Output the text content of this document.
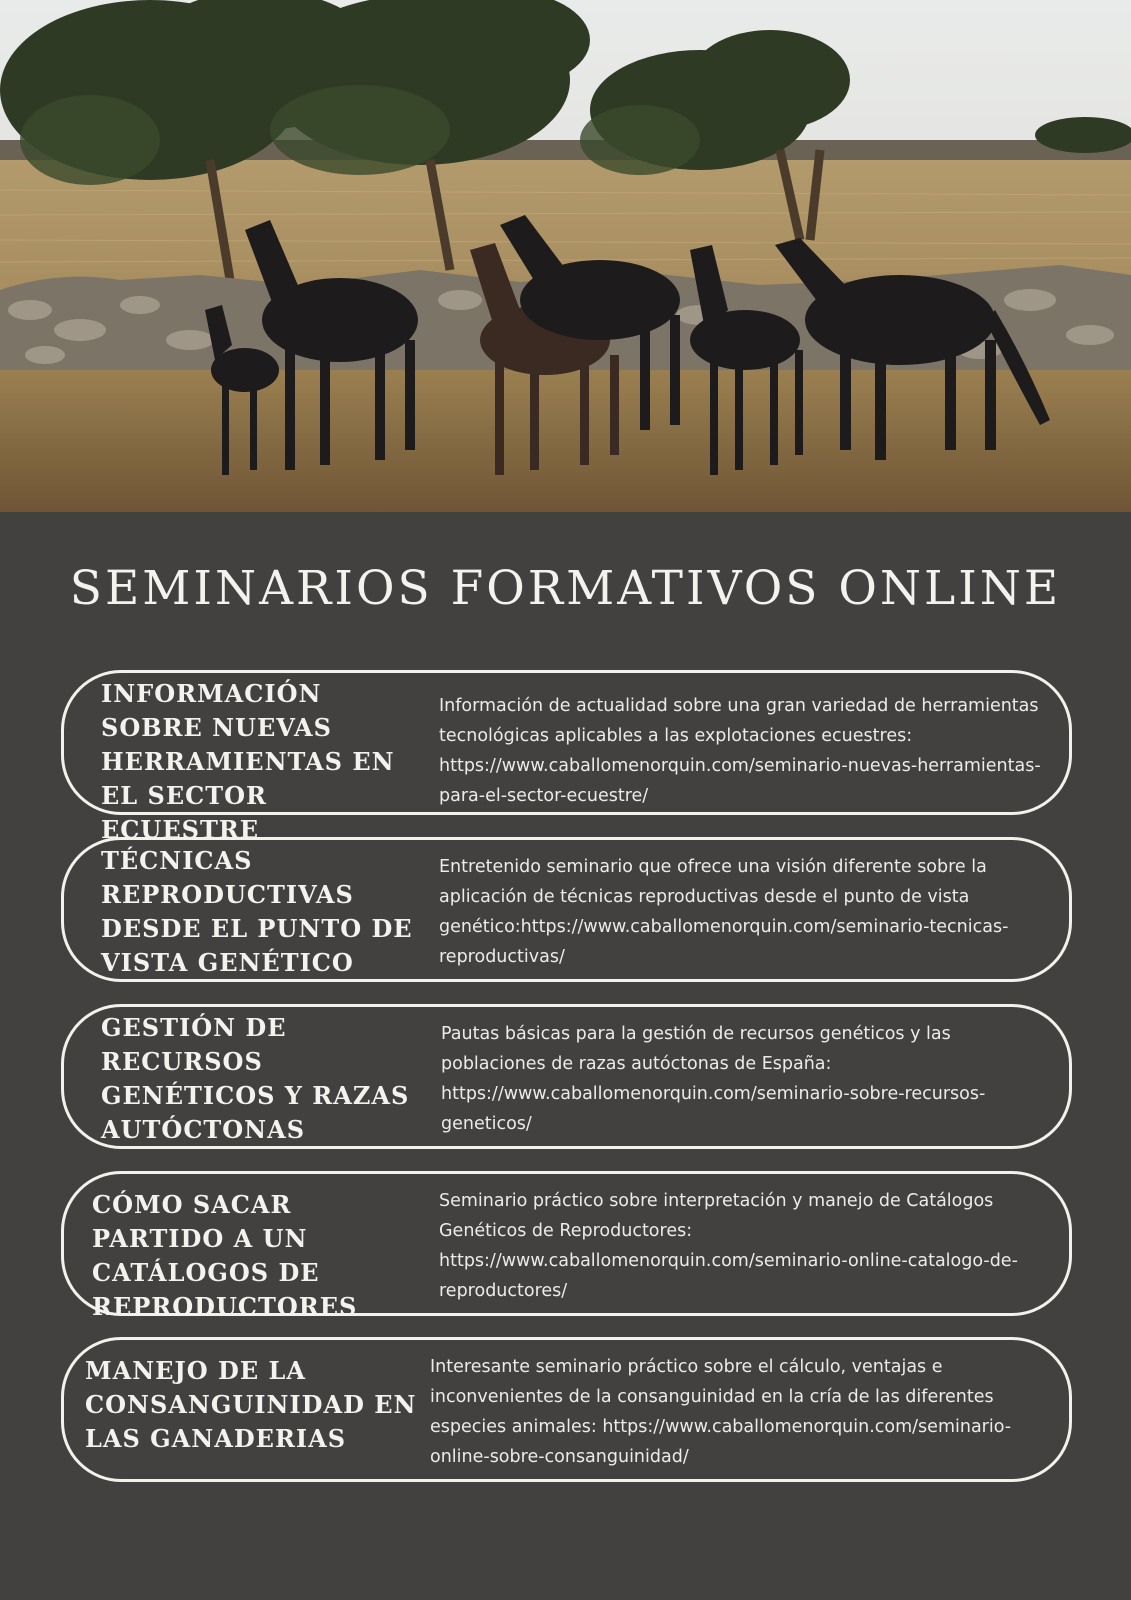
SEMINARIOS FORMATIVOS ONLINE
INFORMACIÓN SOBRE NUEVAS HERRAMIENTAS EN EL SECTOR ECUESTRE
Información de actualidad sobre una gran variedad de herramientas tecnológicas aplicables a las explotaciones ecuestres: https://www.caballomenorquin.com/seminario-nuevas-herramientas-para-el-sector-ecuestre/
TÉCNICAS REPRODUCTIVAS DESDE EL PUNTO DE VISTA GENÉTICO
Entretenido seminario que ofrece una visión diferente sobre la aplicación de técnicas reproductivas desde el punto de vista genético:https://www.caballomenorquin.com/seminario-tecnicas-reproductivas/
GESTIÓN DE RECURSOS GENÉTICOS Y RAZAS AUTÓCTONAS
Pautas básicas para la gestión de recursos genéticos y las poblaciones de razas autóctonas de España: https://www.caballomenorquin.com/seminario-sobre-recursos-geneticos/
CÓMO SACAR PARTIDO A UN CATÁLOGOS DE REPRODUCTORES
Seminario práctico sobre interpretación y manejo de Catálogos Genéticos de Reproductores: https://www.caballomenorquin.com/seminario-online-catalogo-de-reproductores/
MANEJO DE LA CONSANGUINIDAD EN LAS GANADERIAS
Interesante seminario práctico sobre el cálculo, ventajas e inconvenientes de la consanguinidad en la cría de las diferentes especies animales: https://www.caballomenorquin.com/seminario-online-sobre-consanguinidad/
